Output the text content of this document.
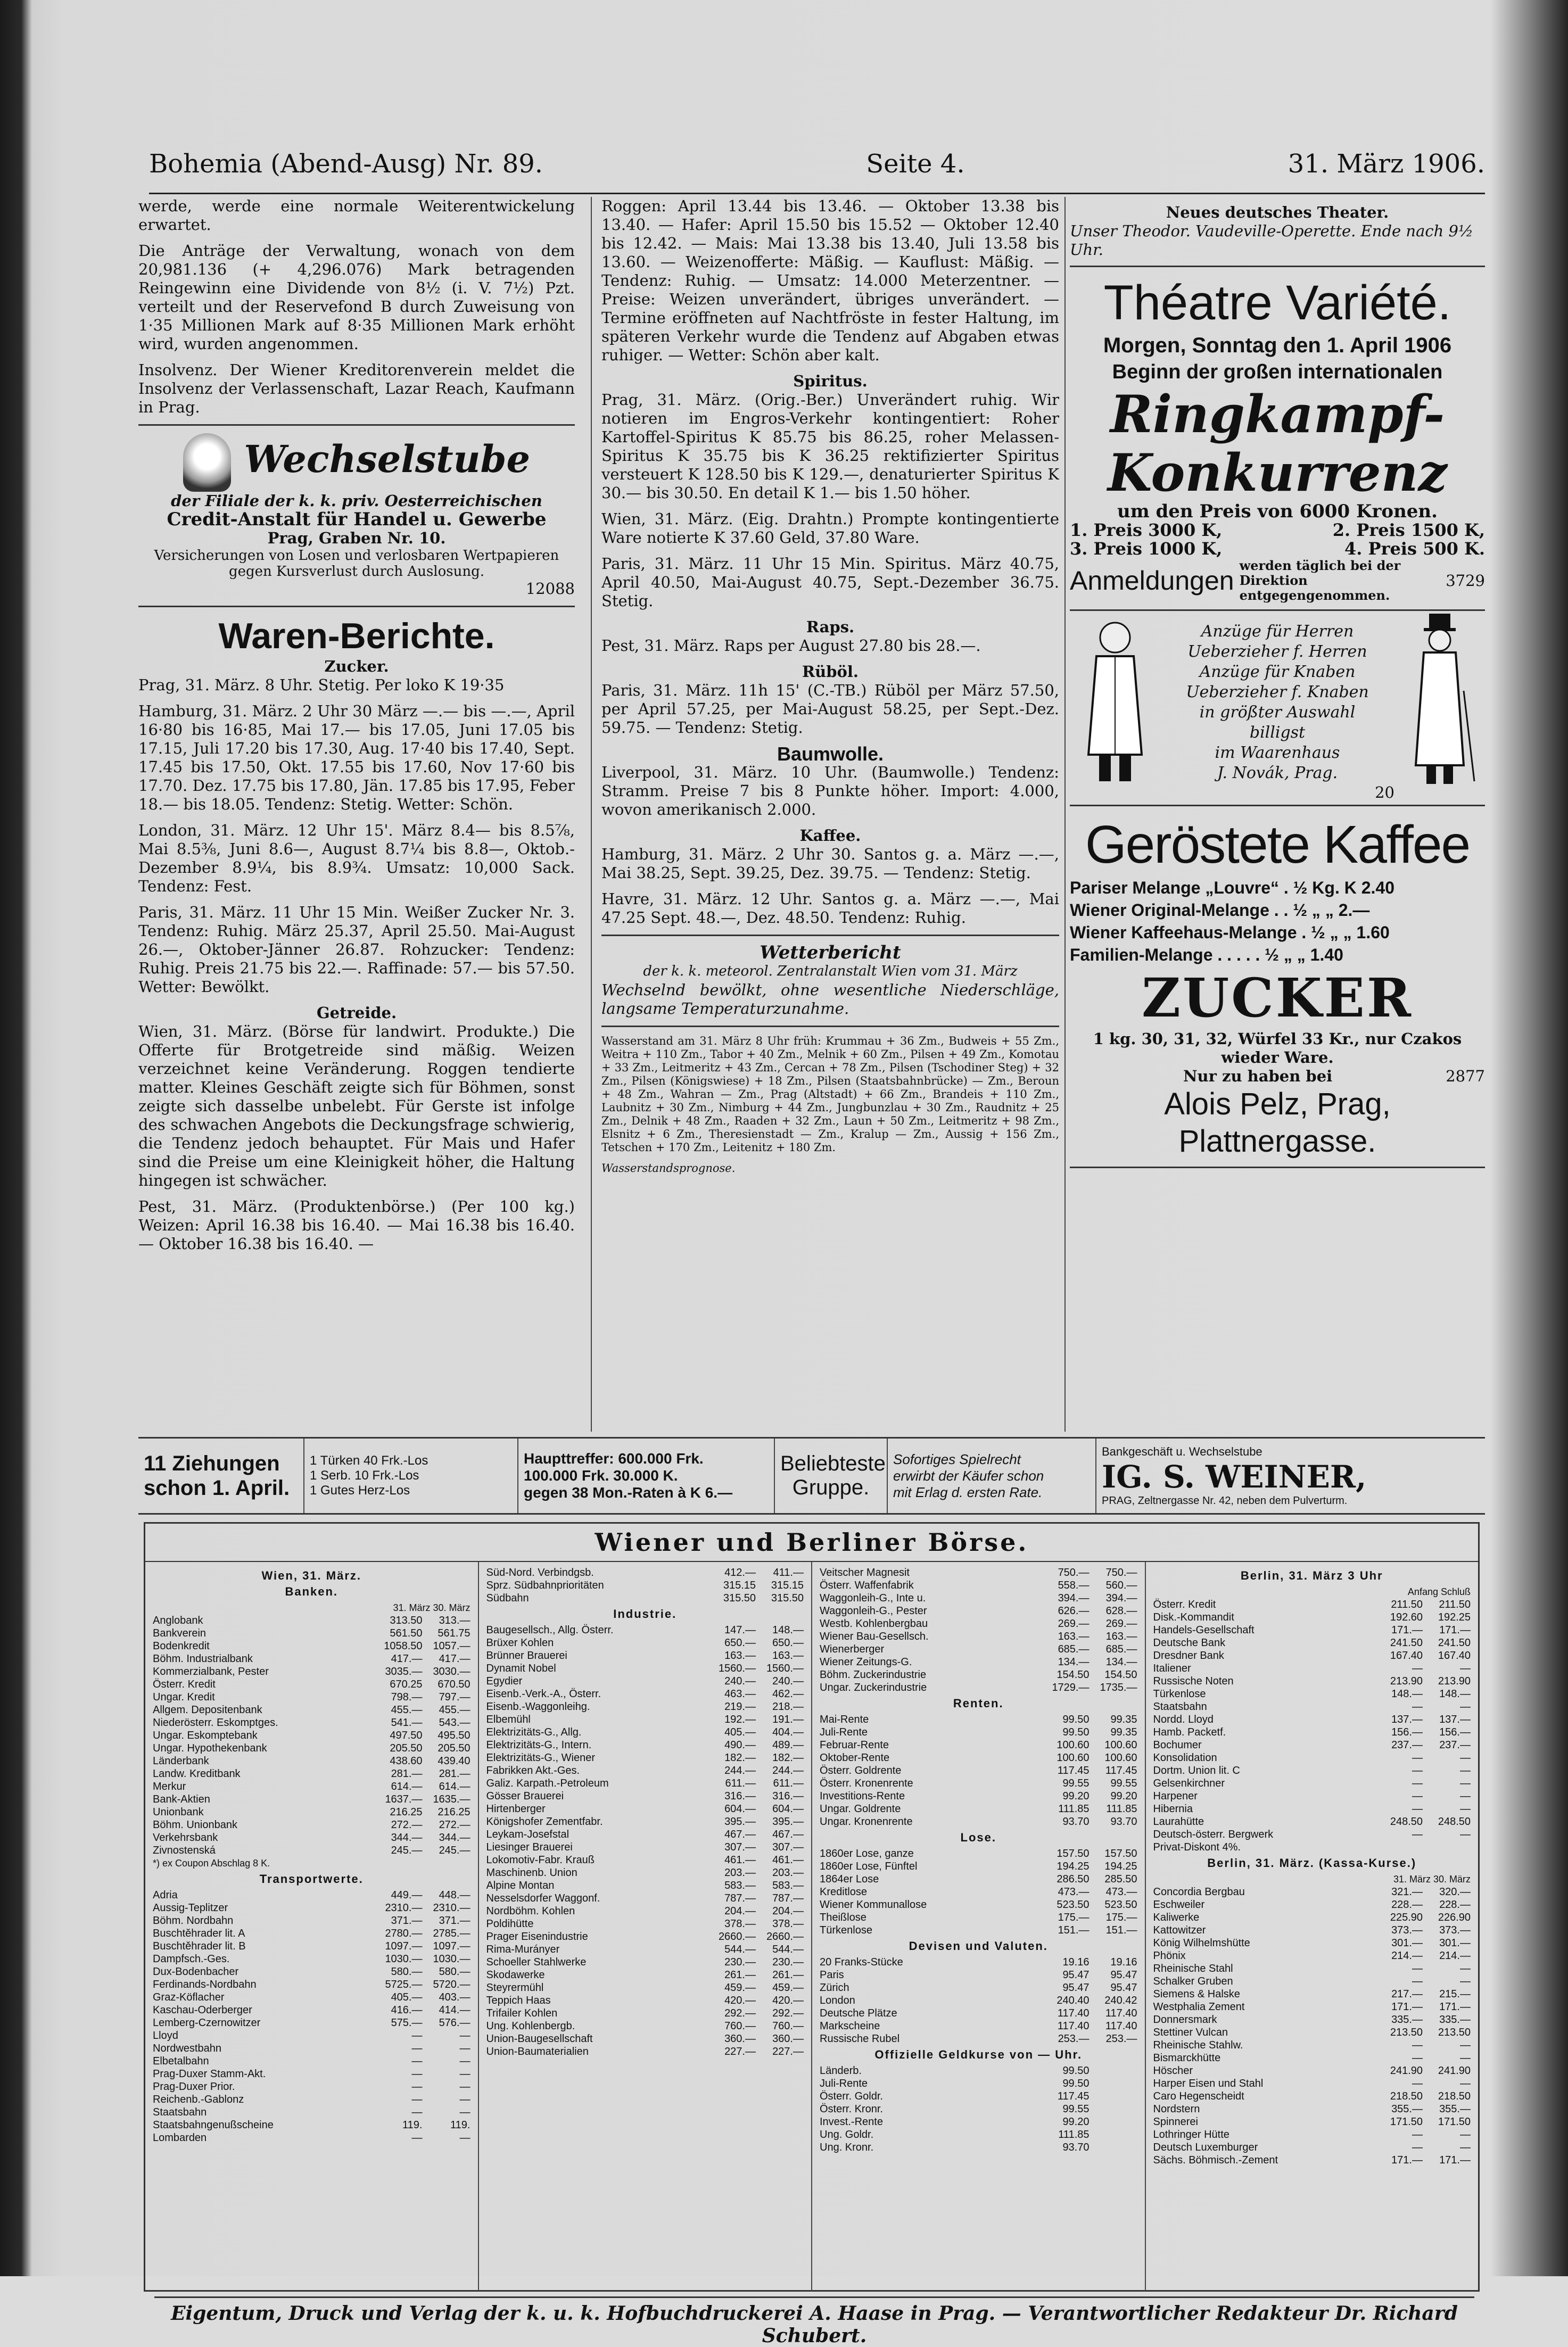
Bohemia (Abend-Ausg) Nr. 89.	Seite 4.	31. März 1906.

werde, werde eine normale Weiterentwickelung erwartet.

Die Anträge der Verwaltung, wonach von dem 20,981.136 (+ 4,296.076) Mark betragenden Reingewinn eine Dividende von 8½ (i. V. 7½) Pzt. verteilt und der Reservefond B durch Zuweisung von 1·35 Millionen Mark auf 8·35 Millionen Mark erhöht wird, wurden angenommen.

Insolvenz. Der Wiener Kreditorenverein meldet die Insolvenz der Verlassenschaft, Lazar Reach, Kaufmann in Prag.

Wechselstube
der Filiale der k. k. priv. Oesterreichischen
Credit-Anstalt für Handel u. Gewerbe
Prag, Graben Nr. 10.
Versicherungen von Losen und verlosbaren Wertpapieren gegen Kursverlust durch Auslosung.
12088
Waren-Berichte.
Zucker.

Prag, 31. März. 8 Uhr. Stetig. Per loko K 19·35

Hamburg, 31. März. 2 Uhr 30 März —.— bis —.—, April 16·80 bis 16·85, Mai 17.— bis 17.05, Juni 17.05 bis 17.15, Juli 17.20 bis 17.30, Aug. 17·40 bis 17.40, Sept. 17.45 bis 17.50, Okt. 17.55 bis 17.60, Nov 17·60 bis 17.70. Dez. 17.75 bis 17.80, Jän. 17.85 bis 17.95, Feber 18.— bis 18.05. Tendenz: Stetig. Wetter: Schön.

London, 31. März. 12 Uhr 15'. März 8.4— bis 8.5⅞, Mai 8.5⅜, Juni 8.6—, August 8.7¼ bis 8.8—, Oktob.-Dezember 8.9¼, bis 8.9¾. Umsatz: 10,000 Sack. Tendenz: Fest.

Paris, 31. März. 11 Uhr 15 Min. Weißer Zucker Nr. 3. Tendenz: Ruhig. März 25.37, April 25.50. Mai-August 26.—, Oktober-Jänner 26.87. Rohzucker: Tendenz: Ruhig. Preis 21.75 bis 22.—. Raffinade: 57.— bis 57.50. Wetter: Bewölkt.

Getreide.

Wien, 31. März. (Börse für landwirt. Produkte.) Die Offerte für Brotgetreide sind mäßig. Weizen verzeichnet keine Veränderung. Roggen tendierte matter. Kleines Geschäft zeigte sich für Böhmen, sonst zeigte sich dasselbe unbelebt. Für Gerste ist infolge des schwachen Angebots die Deckungsfrage schwierig, die Tendenz jedoch behauptet. Für Mais und Hafer sind die Preise um eine Kleinigkeit höher, die Haltung hingegen ist schwächer.

Pest, 31. März. (Produktenbörse.) (Per 100 kg.) Weizen: April 16.38 bis 16.40. — Mai 16.38 bis 16.40. — Oktober 16.38 bis 16.40. —

Roggen: April 13.44 bis 13.46. — Oktober 13.38 bis 13.40. — Hafer: April 15.50 bis 15.52 — Oktober 12.40 bis 12.42. — Mais: Mai 13.38 bis 13.40, Juli 13.58 bis 13.60. — Weizenofferte: Mäßig. — Kauflust: Mäßig. — Tendenz: Ruhig. — Umsatz: 14.000 Meterzentner. — Preise: Weizen unverändert, übriges unverändert. — Termine eröffneten auf Nachtfröste in fester Haltung, im späteren Verkehr wurde die Tendenz auf Abgaben etwas ruhiger. — Wetter: Schön aber kalt.

Spiritus.

Prag, 31. März. (Orig.-Ber.) Unverändert ruhig. Wir notieren im Engros-Verkehr kontingentiert: Roher Kartoffel-Spiritus K 85.75 bis 86.25, roher Melassen-Spiritus K 35.75 bis K 36.25 rektifizierter Spiritus versteuert K 128.50 bis K 129.—, denaturierter Spiritus K 30.— bis 30.50. En detail K 1.— bis 1.50 höher.

Wien, 31. März. (Eig. Drahtn.) Prompte kontingentierte Ware notierte K 37.60 Geld, 37.80 Ware.

Paris, 31. März. 11 Uhr 15 Min. Spiritus. März 40.75, April 40.50, Mai-August 40.75, Sept.-Dezember 36.75. Stetig.

Raps.

Pest, 31. März. Raps per August 27.80 bis 28.—.

Rüböl.

Paris, 31. März. 11h 15' (C.-TB.) Rüböl per März 57.50, per April 57.25, per Mai-August 58.25, per Sept.-Dez. 59.75. — Tendenz: Stetig.

Baumwolle.

Liverpool, 31. März. 10 Uhr. (Baumwolle.) Tendenz: Stramm. Preise 7 bis 8 Punkte höher. Import: 4.000, wovon amerikanisch 2.000.

Kaffee.

Hamburg, 31. März. 2 Uhr 30. Santos g. a. März —.—, Mai 38.25, Sept. 39.25, Dez. 39.75. — Tendenz: Stetig.

Havre, 31. März. 12 Uhr. Santos g. a. März —.—, Mai 47.25 Sept. 48.—, Dez. 48.50. Tendenz: Ruhig.

Wetterbericht
der k. k. meteorol. Zentralanstalt Wien vom 31. März

Wechselnd bewölkt, ohne wesentliche Niederschläge, langsame Temperaturzunahme.

Wasserstand am 31. März 8 Uhr früh: Krummau + 36 Zm., Budweis + 55 Zm., Weitra + 110 Zm., Tabor + 40 Zm., Melnik + 60 Zm., Pilsen + 49 Zm., Komotau + 33 Zm., Leitmeritz + 43 Zm., Cercan + 78 Zm., Pilsen (Tschodiner Steg) + 32 Zm., Pilsen (Königswiese) + 18 Zm., Pilsen (Staatsbahnbrücke) — Zm., Beroun + 48 Zm., Wahran — Zm., Prag (Altstadt) + 66 Zm., Brandeis + 110 Zm., Laubnitz + 30 Zm., Nimburg + 44 Zm., Jungbunzlau + 30 Zm., Raudnitz + 25 Zm., Delnik + 48 Zm., Raaden + 32 Zm., Laun + 50 Zm., Leitmeritz + 98 Zm., Elsnitz + 6 Zm., Theresienstadt — Zm., Kralup — Zm., Aussig + 156 Zm., Tetschen + 170 Zm., Leitenitz + 180 Zm.

Wasserstandsprognose.

Neues deutsches Theater.
Unser Theodor. Vaudeville-Operette. Ende nach 9½ Uhr.
Théatre Variété.
Morgen, Sonntag den 1. April 1906
Beginn der großen internationalen
Ringkampf-
Konkurrenz
um den Preis von 6000 Kronen.
1. Preis 3000 K,	2. Preis 1500 K,
3. Preis 1000 K,	4. Preis 500 K.
Anmeldungen werden täglich bei der Direktion entgegengenommen.
3729
Anzüge für Herren
Ueberzieher f. Herren
Anzüge für Knaben
Ueberzieher f. Knaben
in größter Auswahl
billigst
im Waarenhaus
J. Novák, Prag.
20
Geröstete Kaffee
Pariser Melange „Louvre“ . ½ Kg. K 2.40
Wiener Original-Melange . . ½ „ „ 2.—
Wiener Kaffeehaus-Melange . ½ „ „ 1.60
Familien-Melange . . . . . ½ „ „ 1.40
ZUCKER
1 kg. 30, 31, 32, Würfel 33 Kr., nur Czakos wieder Ware.
Nur zu haben bei	2877
Alois Pelz, Prag, Plattnergasse.
11 Ziehungen
schon 1. April.
1 Türken 40 Frk.-Los
1 Serb. 10 Frk.-Los
1 Gutes Herz-Los
Haupttreffer: 600.000 Frk.
100.000 Frk. 30.000 K.
gegen 38 Mon.-Raten à K 6.—
Beliebteste
Gruppe.
Sofortiges Spielrecht
erwirbt der Käufer schon
mit Erlag d. ersten Rate.
Bankgeschäft u. Wechselstube
IG. S. WEINER,
PRAG, Zeltnergasse Nr. 42, neben dem Pulverturm.
Wiener und Berliner Börse.
Wien, 31. März.
Banken.
31. März 30. März
Anglobank	313.50	313.—
Bankverein	561.50	561.75
Bodenkredit	1058.50 1057.—
Böhm. Industrialbank	417.—	417.—
Kommerzialbank, Pester	3035.— 3030.—
Österr. Kredit	670.25	670.50
Ungar. Kredit	798.—	797.—
Allgem. Depositenbank	455.—	455.—
Niederösterr. Eskomptges.	541.—	543.—
Ungar. Eskomptebank	497.50	495.50
Ungar. Hypothekenbank	205.50	205.50
Länderbank	438.60	439.40
Landw. Kreditbank	281.—	281.—
Merkur	614.—	614.—
Bank-Aktien	1637.— 1635.—
Unionbank	216.25	216.25
Böhm. Unionbank	272.—	272.—
Verkehrsbank	344.—	344.—
Zivnostenská	245.—	245.—
*) ex Coupon Abschlag 8 K.
Transportwerte.
Adria	449.—	448.—
Aussig-Teplitzer	2310.— 2310.—
Böhm. Nordbahn	371.—	371.—
Buschtěhrader lit. A	2780.— 2785.—
Buschtěhrader lit. B	1097.— 1097.—
Dampfsch.-Ges.	1030.— 1030.—
Dux-Bodenbacher	580.—	580.—
Ferdinands-Nordbahn	5725.— 5720.—
Graz-Köflacher	405.—	403.—
Kaschau-Oderberger	416.—	414.—
Lemberg-Czernowitzer	575.—	576.—
Lloyd	—	—
Nordwestbahn	—	—
Elbetalbahn	—	—
Prag-Duxer Stamm-Akt.	—	—
Prag-Duxer Prior.	—	—
Reichenb.-Gablonz	—	—
Staatsbahn	—	—
Staatsbahngenußscheine	119.	119.
Lombarden	—	—
Süd-Nord. Verbindgsb.	412.—	411.—
Sprz. Südbahnprioritäten	315.15	315.15
Südbahn	315.50	315.50
Industrie.
Baugesellsch., Allg. Österr.	147.—	148.—
Brüxer Kohlen	650.—	650.—
Brünner Brauerei	163.—	163.—
Dynamit Nobel	1560.— 1560.—
Egydier	240.—	240.—
Eisenb.-Verk.-A., Österr.	463.—	462.—
Eisenb.-Waggonleihg.	219.—	218.—
Elbemühl	192.—	191.—
Elektrizitäts-G., Allg.	405.—	404.—
Elektrizitäts-G., Intern.	490.—	489.—
Elektrizitäts-G., Wiener	182.—	182.—
Fabrikken Akt.-Ges.	244.—	244.—
Galiz. Karpath.-Petroleum	611.—	611.—
Gösser Brauerei	316.—	316.—
Hirtenberger	604.—	604.—
Königshofer Zementfabr.	395.—	395.—
Leykam-Josefstal	467.—	467.—
Liesinger Brauerei	307.—	307.—
Lokomotiv-Fabr. Krauß	461.—	461.—
Maschinenb. Union	203.—	203.—
Alpine Montan	583.—	583.—
Nesselsdorfer Waggonf.	787.—	787.—
Nordböhm. Kohlen	204.—	204.—
Poldihütte	378.—	378.—
Prager Eisenindustrie	2660.— 2660.—
Rima-Murányer	544.—	544.—
Schoeller Stahlwerke	230.—	230.—
Skodawerke	261.—	261.—
Steyrermühl	459.—	459.—
Teppich Haas	420.—	420.—
Trifailer Kohlen	292.—	292.—
Ung. Kohlenbergb.	760.—	760.—
Union-Baugesellschaft	360.—	360.—
Union-Baumaterialien	227.—	227.—
Veitscher Magnesit	750.—	750.—
Österr. Waffenfabrik	558.—	560.—
Waggonleih-G., Inte u.	394.—	394.—
Waggonleih-G., Pester	626.—	628.—
Westb. Kohlenbergbau	269.—	269.—
Wiener Bau-Gesellsch.	163.—	163.—
Wienerberger	685.—	685.—
Wiener Zeitungs-G.	134.—	134.—
Böhm. Zuckerindustrie	154.50	154.50
Ungar. Zuckerindustrie	1729.— 1735.—
Renten.
Mai-Rente	99.50	99.35
Juli-Rente	99.50	99.35
Februar-Rente	100.60	100.60
Oktober-Rente	100.60	100.60
Österr. Goldrente	117.45	117.45
Österr. Kronenrente	99.55	99.55
Investitions-Rente	99.20	99.20
Ungar. Goldrente	111.85	111.85
Ungar. Kronenrente	93.70	93.70
Lose.
1860er Lose, ganze	157.50	157.50
1860er Lose, Fünftel	194.25	194.25
1864er Lose	286.50	285.50
Kreditlose	473.—	473.—
Wiener Kommunallose	523.50	523.50
Theißlose	175.—	175.—
Türkenlose	151.—	151.—
Devisen und Valuten.
20 Franks-Stücke	19.16	19.16
Paris	95.47	95.47
Zürich	95.47	95.47
London	240.40	240.42
Deutsche Plätze	117.40	117.40
Markscheine	117.40	117.40
Russische Rubel	253.—	253.—
Offizielle Geldkurse von — Uhr.
Länderb.	99.50
Juli-Rente	99.50
Österr. Goldr.	117.45
Österr. Kronr.	99.55
Invest.-Rente	99.20
Ung. Goldr.	111.85
Ung. Kronr.	93.70
Berlin, 31. März 3 Uhr
Anfang Schluß
Österr. Kredit	211.50	211.50
Disk.-Kommandit	192.60	192.25
Handels-Gesellschaft	171.—	171.—
Deutsche Bank	241.50	241.50
Dresdner Bank	167.40	167.40
Italiener	—	—
Russische Noten	213.90	213.90
Türkenlose	148.—	148.—
Staatsbahn	—	—
Nordd. Lloyd	137.—	137.—
Hamb. Packetf.	156.—	156.—
Bochumer	237.—	237.—
Konsolidation	—	—
Dortm. Union lit. C	—	—
Gelsenkirchner	—	—
Harpener	—	—
Hibernia	—	—
Laurahütte	248.50	248.50
Deutsch-österr. Bergwerk	—	—
Privat-Diskont 4%.
Berlin, 31. März. (Kassa-Kurse.)
31. März 30. März
Concordia Bergbau	321.—	320.—
Eschweiler	228.—	228.—
Kaliwerke	225.90	226.90
Kattowitzer	373.—	373.—
König Wilhelmshütte	301.—	301.—
Phönix	214.—	214.—
Rheinische Stahl	—	—
Schalker Gruben	—	—
Siemens & Halske	217.—	215.—
Westphalia Zement	171.—	171.—
Donnersmark	335.—	335.—
Stettiner Vulcan	213.50	213.50
Rheinische Stahlw.	—	—
Bismarckhütte	—	—
Höscher	241.90	241.90
Harper Eisen und Stahl	—	—
Caro Hegenscheidt	218.50	218.50
Nordstern	355.—	355.—
Spinnerei	171.50	171.50
Lothringer Hütte	—	—
Deutsch Luxemburger	—	—
Sächs. Böhmisch.-Zement	171.—	171.—
Eigentum, Druck und Verlag der k. u. k. Hofbuchdruckerei A. Haase in Prag. — Verantwortlicher Redakteur Dr. Richard Schubert.
